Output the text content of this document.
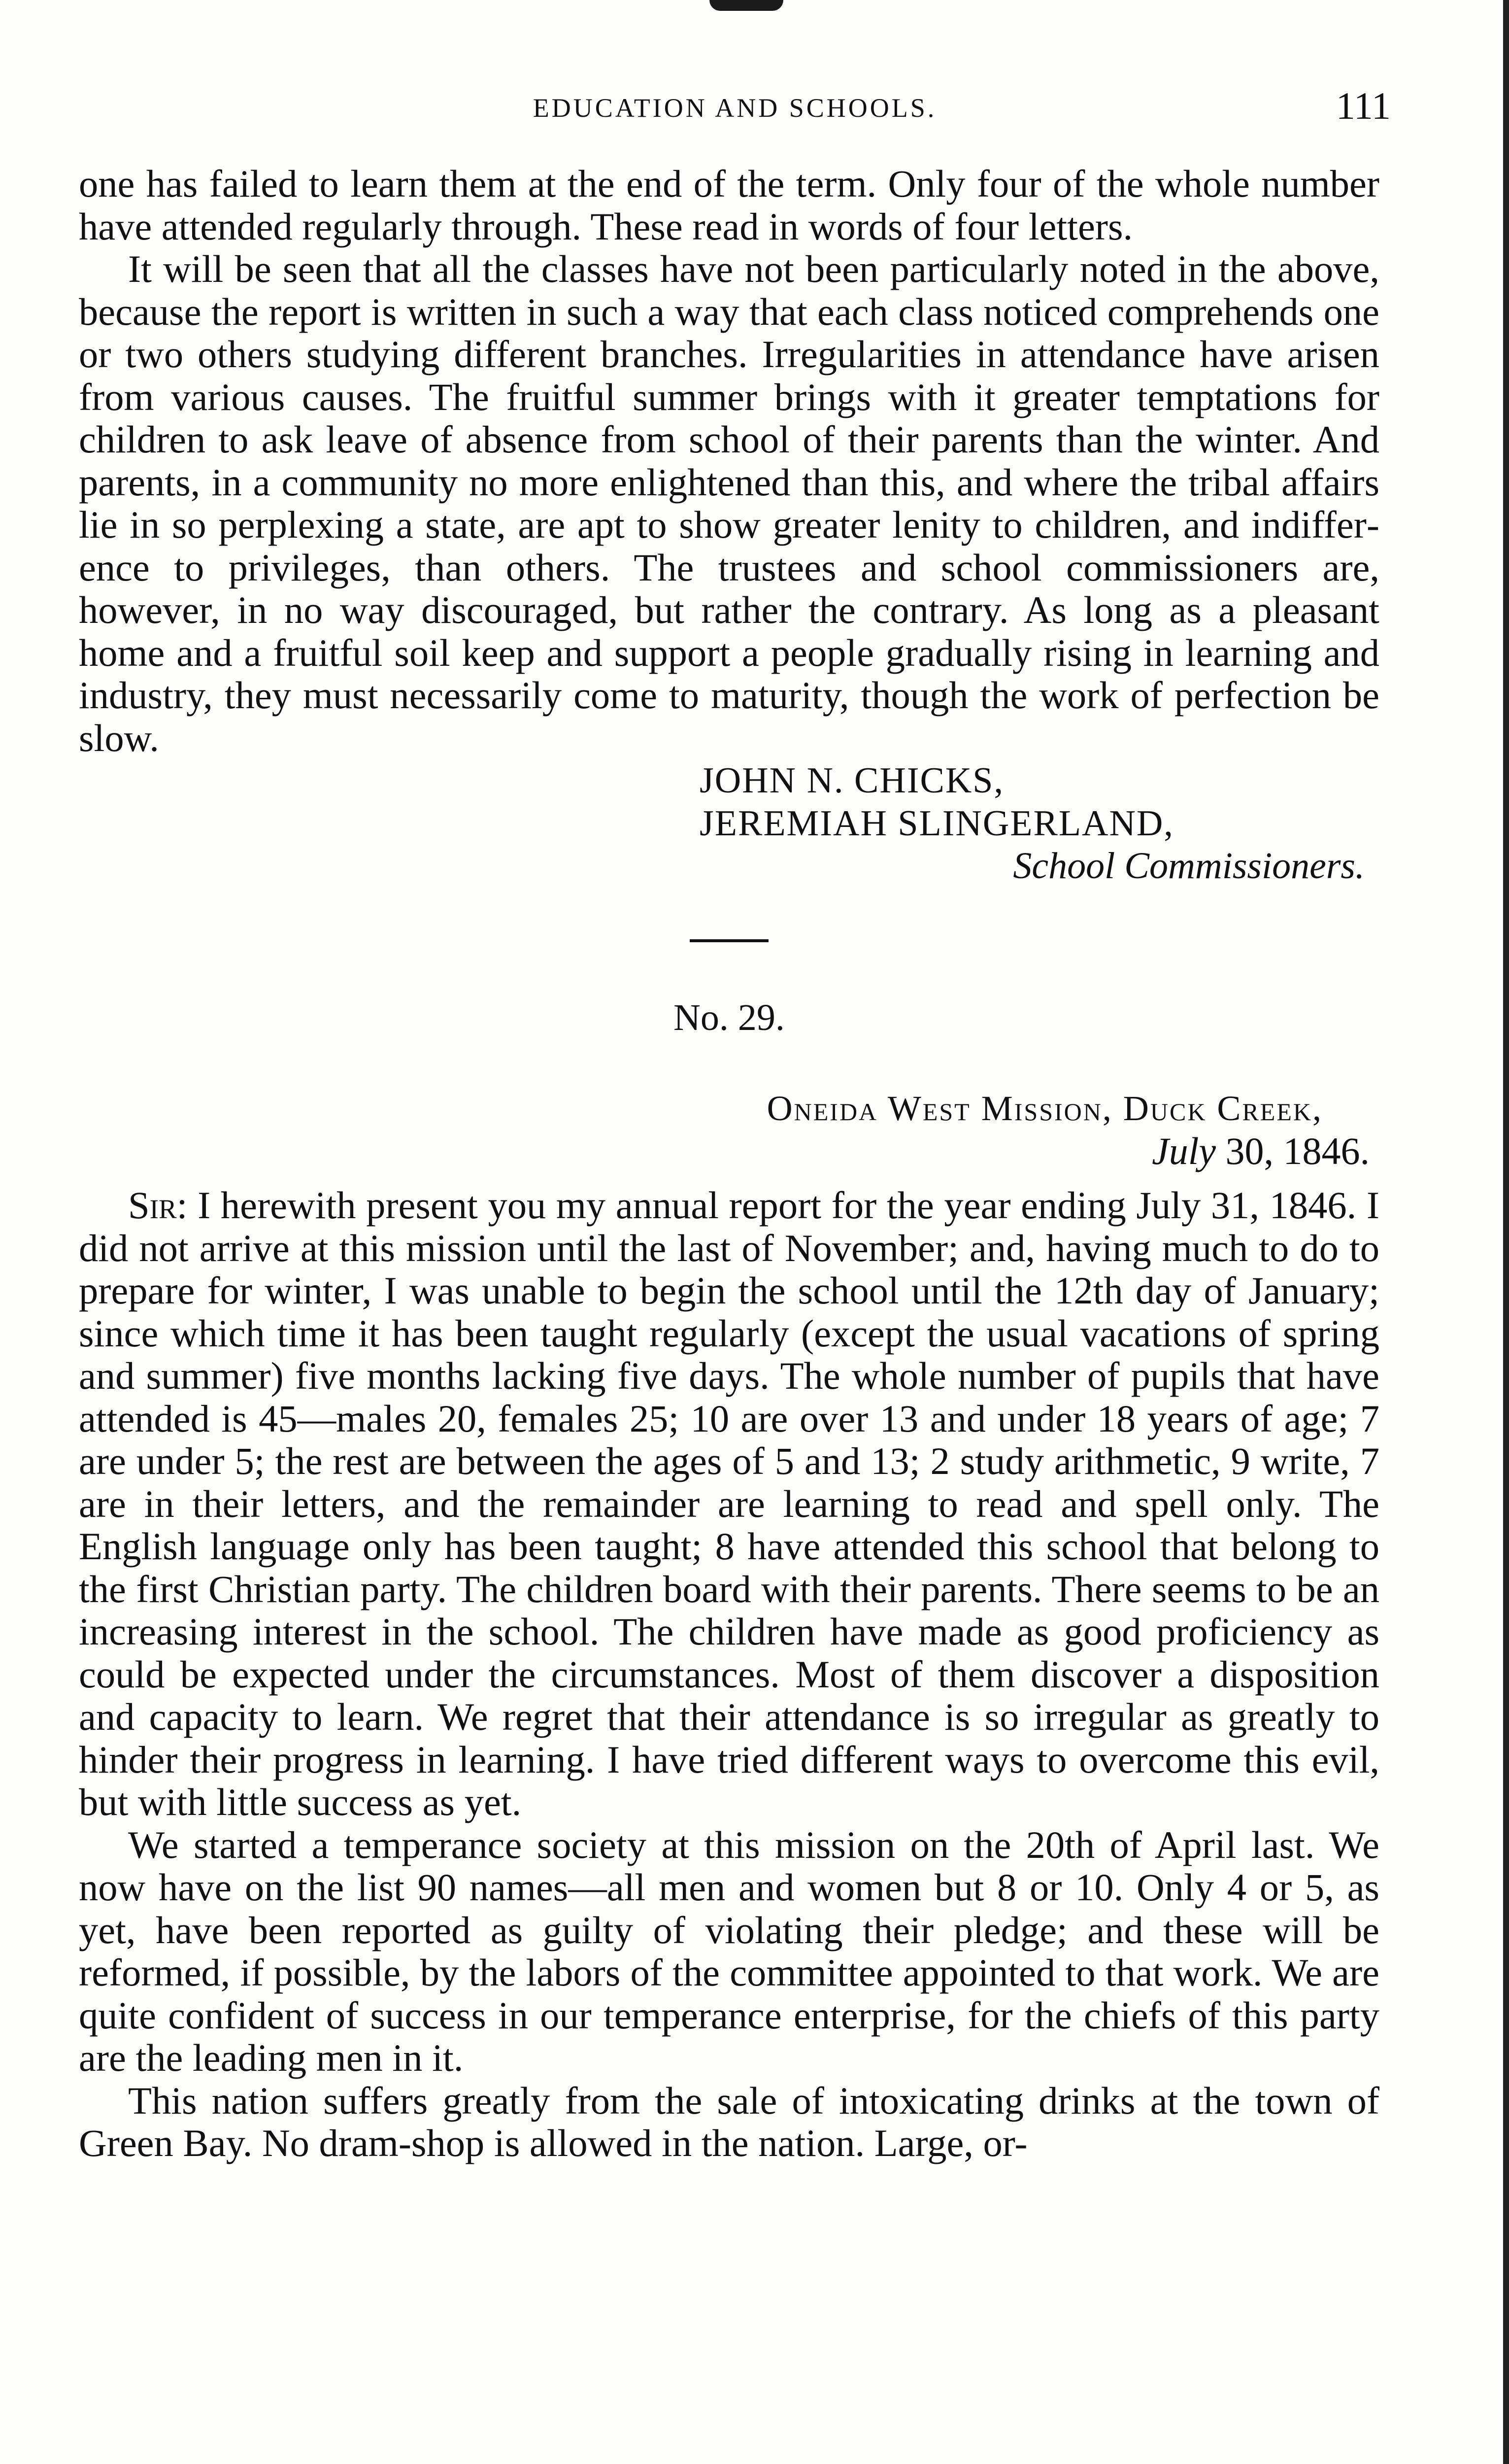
EDUCATION AND SCHOOLS.	111

one has failed to learn them at the end of the term. Only four of the whole number have attended regularly through. These read in words of four letters.

It will be seen that all the classes have not been particularly noted in the above, because the report is written in such a way that each class noticed comprehends one or two others studying different branches. Irregularities in attendance have arisen from various causes. The fruitful summer brings with it greater temptations for children to ask leave of absence from school of their parents than the winter. And parents, in a community no more enlightened than this, and where the tribal affairs lie in so perplexing a state, are apt to show greater lenity to children, and indifference to privileges, than others. The trustees and school commissioners are, however, in no way discouraged, but rather the contrary. As long as a pleasant home and a fruitful soil keep and support a people gradually rising in learning and industry, they must necessarily come to maturity, though the work of perfection be slow.

JOHN N. CHICKS,
JEREMIAH SLINGERLAND,
School Commissioners.
No. 29.
Oneida West Mission, Duck Creek,
July 30, 1846.

Sir: I herewith present you my annual report for the year ending July 31, 1846. I did not arrive at this mission until the last of November; and, having much to do to prepare for winter, I was unable to begin the school until the 12th day of January; since which time it has been taught regularly (except the usual vacations of spring and summer) five months lacking five days. The whole number of pupils that have attended is 45—males 20, females 25; 10 are over 13 and under 18 years of age; 7 are under 5; the rest are between the ages of 5 and 13; 2 study arithmetic, 9 write, 7 are in their letters, and the remainder are learning to read and spell only. The English language only has been taught; 8 have attended this school that belong to the first Christian party. The children board with their parents. There seems to be an increasing interest in the school. The children have made as good proficiency as could be expected under the circumstances. Most of them discover a disposition and capacity to learn. We regret that their attendance is so irregular as greatly to hinder their progress in learning. I have tried different ways to overcome this evil, but with little success as yet.

We started a temperance society at this mission on the 20th of April last. We now have on the list 90 names—all men and women but 8 or 10. Only 4 or 5, as yet, have been reported as guilty of violating their pledge; and these will be reformed, if possible, by the labors of the committee appointed to that work. We are quite confident of success in our temperance enterprise, for the chiefs of this party are the leading men in it.

This nation suffers greatly from the sale of intoxicating drinks at the town of Green Bay. No dram-shop is allowed in the nation. Large, or-
